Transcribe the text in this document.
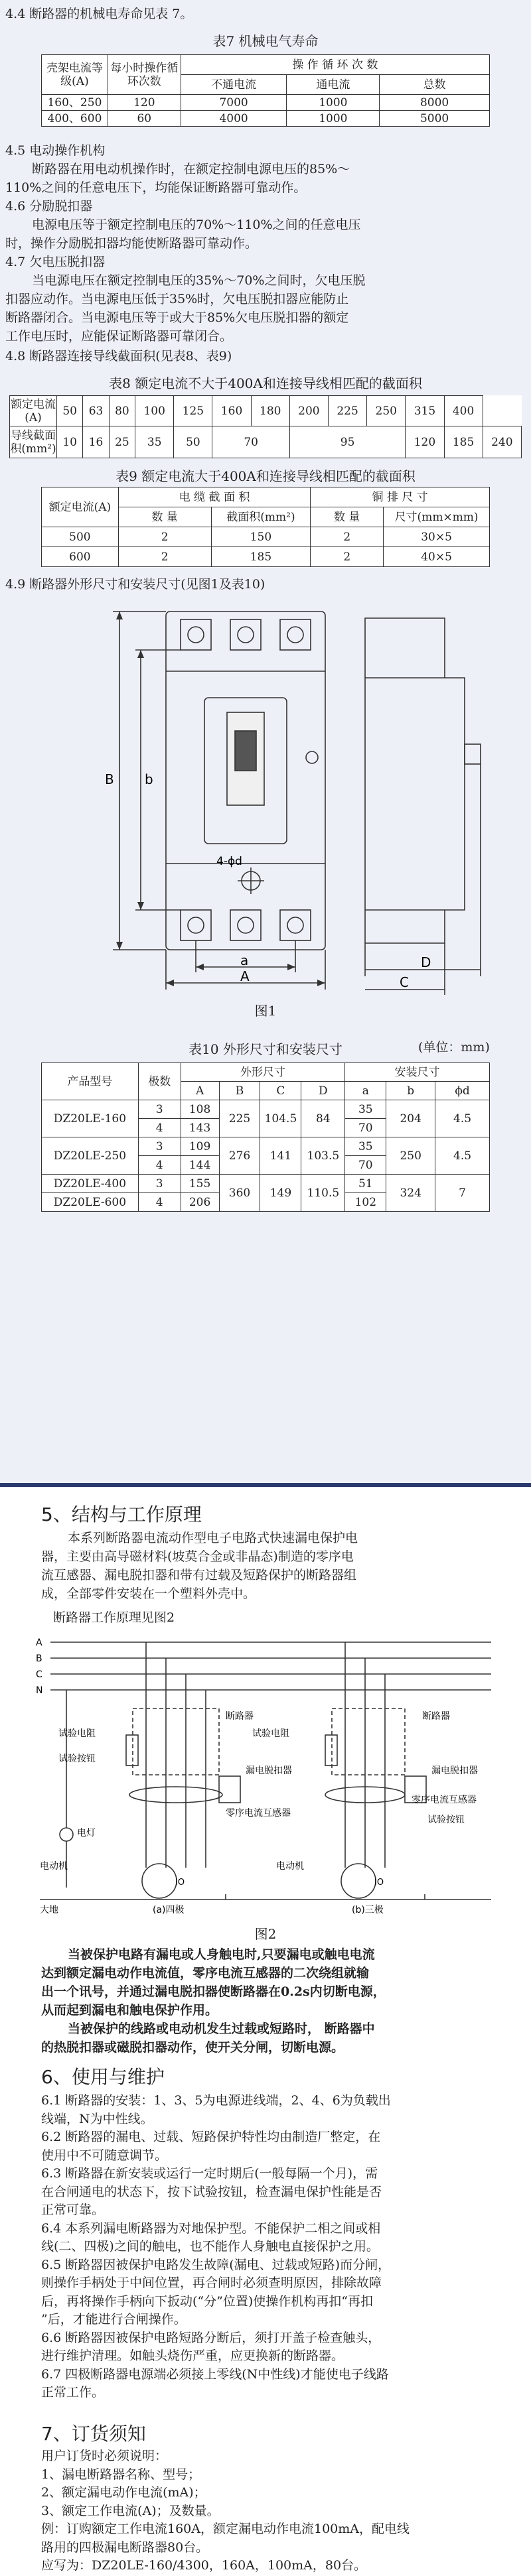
4.4 断路器的机械电寿命见表 7。
表7 机械电气寿命
壳架电流等级(A)	每小时操作循环次数	操 作 循 环 次 数		
		不通电流	通电流	总数
160、250	120	7000	1000	8000
400、600	60	4000	1000	5000
4.5 电动操作机构
断路器在用电动机操作时，在额定控制电源电压的85%～
110%之间的任意电压下，均能保证断路器可靠动作。
4.6 分励脱扣器
电源电压等于额定控制电压的70%～110%之间的任意电压
时，操作分励脱扣器均能使断路器可靠动作。
4.7 欠电压脱扣器
当电源电压在额定控制电压的35%～70%之间时，欠电压脱
扣器应动作。当电源电压低于35%时，欠电压脱扣器应能防止
断路器闭合。当电源电压等于或大于85%欠电压脱扣器的额定
工作电压时，应能保证断路器可靠闭合。
4.8 断路器连接导线截面积(见表8、表9)
表8 额定电流不大于400A和连接导线相匹配的截面积
额定电流(A)	50	63	80	100	125	160	180	200	225	250	315	400	
导线截面积(mm²)	10	16	25	35	50	70		95			120	185	240
表9 额定电流大于400A和连接导线相匹配的截面积
额定电流(A)	电 缆 截 面 积		铜 排 尺 寸	
	数 量	截面积(mm²)	数 量	尺寸(mm×mm)
500	2	150	2	30×5
600	2	185	2	40×5
4.9 断路器外形尺寸和安装尺寸(见图1及表10)
B b
A
a
4-ϕd
D
C
图1
表10 外形尺寸和安装尺寸	(单位：mm)
产品型号	极数	外形尺寸				安装尺寸		
		A	B	C	D	a	b	ϕd
DZ20LE-160	3	108	225	104.5	84	35	204	4.5
	4	143				70		
DZ20LE-250	3	109	276	141	103.5	35	250	4.5
	4	144				70		
DZ20LE-400	3	155	360	149	110.5	51	324	7
DZ20LE-600	4	206				102		
5、结构与工作原理
本系列断路器电流动作型电子电路式快速漏电保护电
器，主要由高导磁材料(坡莫合金或非晶态)制造的零序电
流互感器、漏电脱扣器和带有过载及短路保护的断路器组
成，全部零件安装在一个塑料外壳中。
断路器工作原理见图2
A
B
C
N
断路器	断路器
试验电阻	试验电阻
试验按钮
试验按钮
漏电脱扣器	漏电脱扣器
零序电流互感器
零序电流互感器
电灯
电动机	电动机
IO	IO
大地	(a)四极	(b)三极
图2
当被保护电路有漏电或人身触电时,只要漏电或触电电流
达到额定漏电动作电流值，零序电流互感器的二次绕组就输
出一个讯号，并通过漏电脱扣器使断路器在0.2s内切断电源，
从而起到漏电和触电保护作用。
当被保护的线路或电动机发生过载或短路时， 断路器中
的热脱扣器或磁脱扣器动作，使开关分闸，切断电源。
6、使用与维护
6.1 断路器的安装：1、3、5为电源进线端，2、4、6为负载出
线端，N为中性线。
6.2 断路器的漏电、过载、短路保护特性均由制造厂整定，在
使用中不可随意调节。
6.3 断路器在新安装或运行一定时期后(一般每隔一个月)，需
在合闸通电的状态下，按下试验按钮，检查漏电保护性能是否
正常可靠。
6.4 本系列漏电断路器为对地保护型。不能保护二相之间或相
线(二、四极)之间的触电，也不能作人身触电直接保护之用。
6.5 断路器因被保护电路发生故障(漏电、过载或短路)而分闸，
则操作手柄处于中间位置，再合闸时必须查明原因，排除故障
后，再将操作手柄向下扳动(“分”位置)使操作机构再扣“再扣
”后，才能进行合闸操作。
6.6 断路器因被保护电路短路分断后，须打开盖子检查触头，
进行维护清理。如触头烧伤严重，应更换新的断路器。
6.7 四极断路器电源端必须接上零线(N中性线)才能使电子线路
正常工作。
7、订货须知
用户订货时必须说明：
1、漏电断路器名称、型号；
2、额定漏电动作电流(mA)；
3、额定工作电流(A)；及数量。
例：订购额定工作电流160A，额定漏电动作电流100mA，配电线
路用的四极漏电断路器80台。
应写为：DZ20LE-160/4300，160A，100mA，80台。
